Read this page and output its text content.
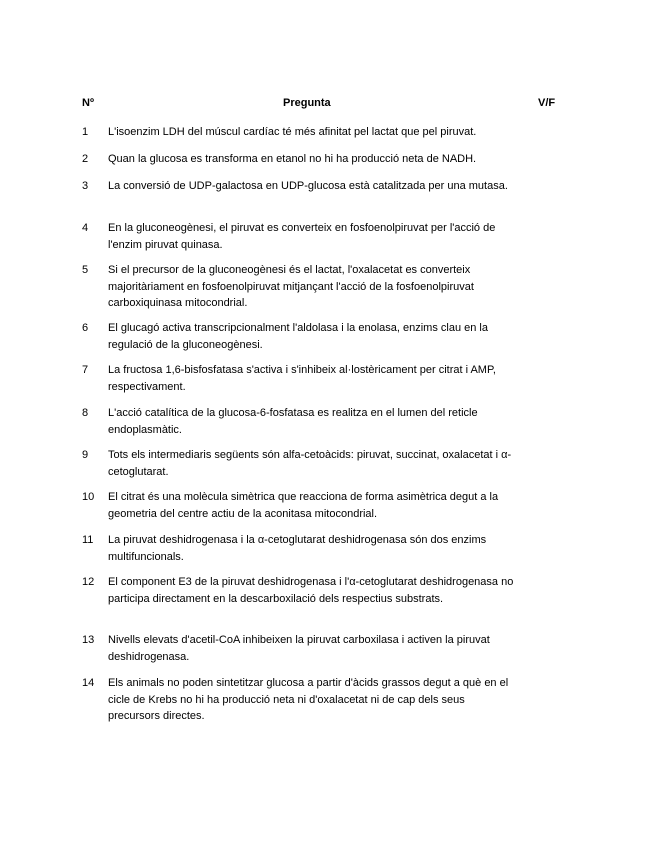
Nº	Pregunta	V/F
1 L'isoenzim LDH del múscul cardíac té més afinitat pel lactat que pel piruvat.
2 Quan la glucosa es transforma en etanol no hi ha producció neta de NADH.
3 La conversió de UDP-galactosa en UDP-glucosa està catalitzada per una mutasa.
4 En la gluconeogènesi, el piruvat es converteix en fosfoenolpiruvat per l'acció de l'enzim piruvat quinasa.
5 Si el precursor de la gluconeogènesi és el lactat, l'oxalacetat es converteix majoritàriament en fosfoenolpiruvat mitjançant l'acció de la fosfoenolpiruvat carboxiquinasa mitocondrial.
6 El glucagó activa transcripcionalment l'aldolasa i la enolasa, enzims clau en la regulació de la gluconeogènesi.
7 La fructosa 1,6-bisfosfatasa s'activa i s'inhibeix al·lostèricament per citrat i AMP, respectivament.
8 L'acció catalítica de la glucosa-6-fosfatasa es realitza en el lumen del reticle endoplasmàtic.
9 Tots els intermediaris següents són alfa-cetoàcids: piruvat, succinat, oxalacetat i α-cetoglutarat.
10 El citrat és una molècula simètrica que reacciona de forma asimètrica degut a la geometria del centre actiu de la aconitasa mitocondrial.
11 La piruvat deshidrogenasa i la α-cetoglutarat deshidrogenasa són dos enzims multifuncionals.
12 El component E3 de la piruvat deshidrogenasa i l'α-cetoglutarat deshidrogenasa no participa directament en la descarboxilació dels respectius substrats.
13 Nivells elevats d'acetil-CoA inhibeixen la piruvat carboxilasa i activen la piruvat deshidrogenasa.
14 Els animals no poden sintetitzar glucosa a partir d'àcids grassos degut a què en el cicle de Krebs no hi ha producció neta ni d'oxalacetat ni de cap dels seus precursors directes.
